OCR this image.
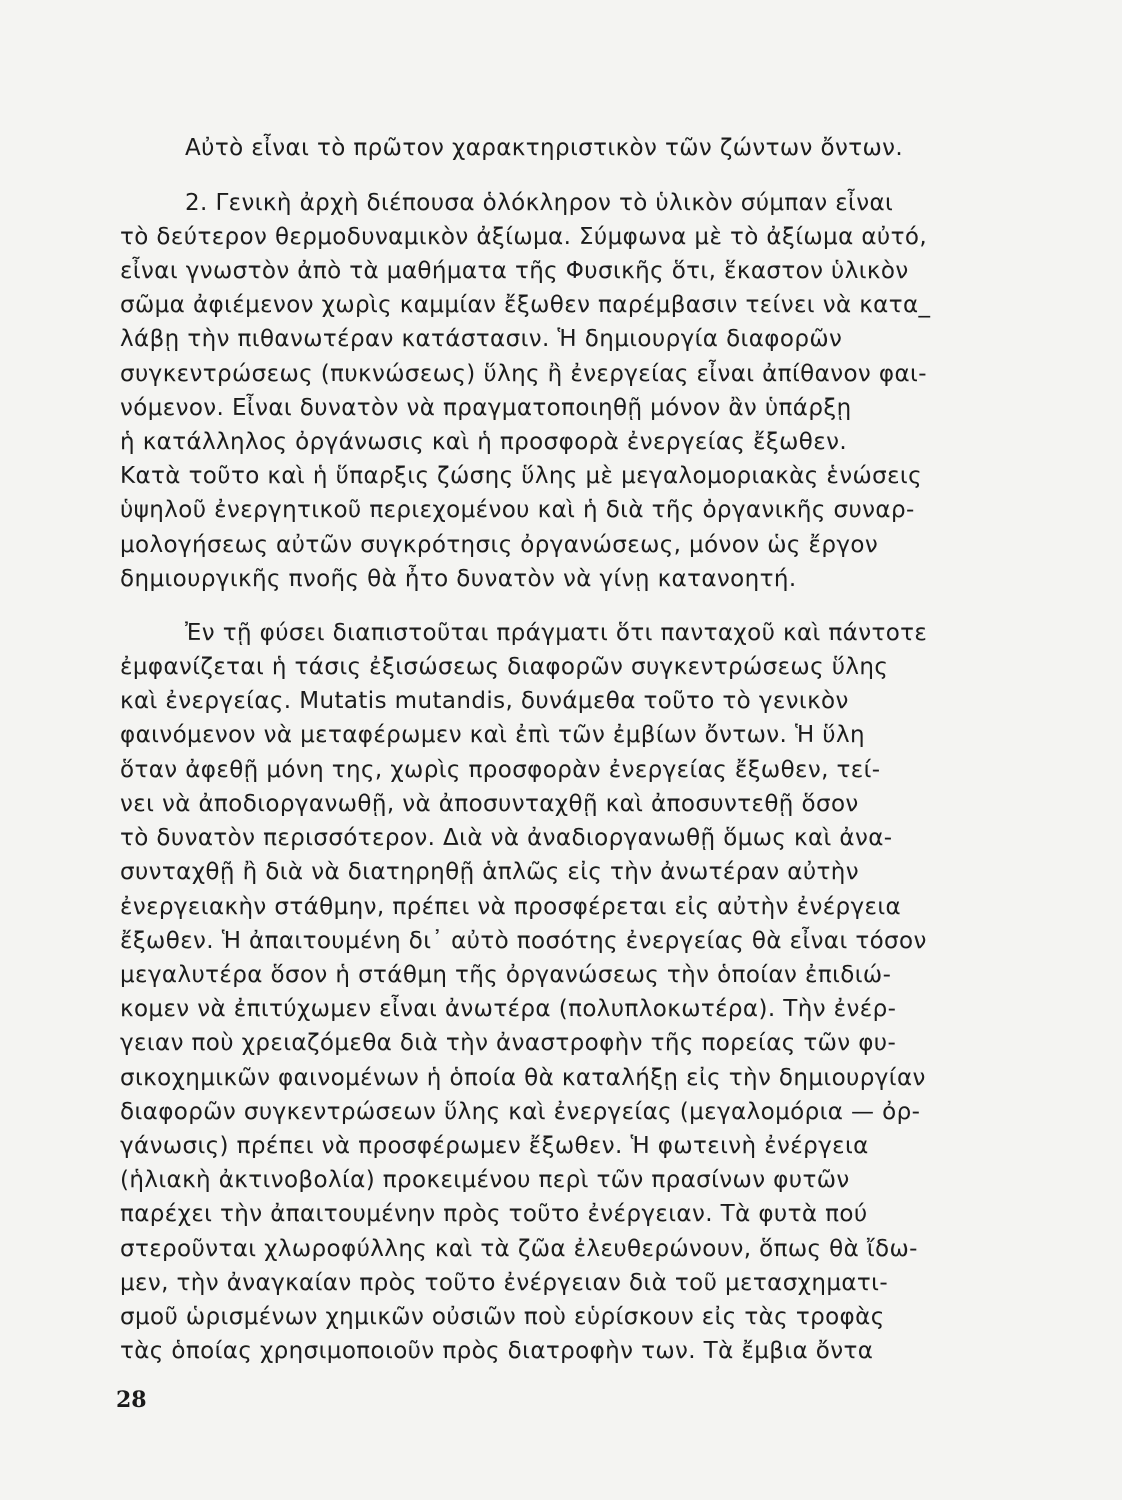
Αὐτὸ εἶναι τὸ πρῶτον χαρακτηριστικὸν τῶν ζώντων ὄντων.
2. Γενικὴ ἀρχὴ διέπουσα ὁλόκληρον τὸ ὑλικὸν σύμπαν εἶναι
τὸ δεύτερον θερμοδυναμικὸν ἀξίωμα. Σύμφωνα μὲ τὸ ἀξίωμα αὐτό,
εἶναι γνωστὸν ἀπὸ τὰ μαθήματα τῆς Φυσικῆς ὅτι, ἕκαστον ὑλικὸν
σῶμα ἀφιέμενον χωρὶς καμμίαν ἔξωθεν παρέμβασιν τείνει νὰ κατα_
λάβῃ τὴν πιθανωτέραν κατάστασιν. Ἡ δημιουργία διαφορῶν
συγκεντρώσεως (πυκνώσεως) ὕλης ἢ ἐνεργείας εἶναι ἀπίθανον φαι-
νόμενον. Εἶναι δυνατὸν νὰ πραγματοποιηθῇ μόνον ἂν ὑπάρξῃ
ἡ κατάλληλος ὀργάνωσις καὶ ἡ προσφορὰ ἐνεργείας ἔξωθεν.
Κατὰ τοῦτο καὶ ἡ ὕπαρξις ζώσης ὕλης μὲ μεγαλομοριακὰς ἑνώσεις
ὑψηλοῦ ἐνεργητικοῦ περιεχομένου καὶ ἡ διὰ τῆς ὀργανικῆς συναρ-
μολογήσεως αὐτῶν συγκρότησις ὀργανώσεως, μόνον ὡς ἔργον
δημιουργικῆς πνοῆς θὰ ἦτο δυνατὸν νὰ γίνῃ κατανοητή.
Ἐν τῇ φύσει διαπιστοῦται πράγματι ὅτι πανταχοῦ καὶ πάντοτε
ἐμφανίζεται ἡ τάσις ἐξισώσεως διαφορῶν συγκεντρώσεως ὕλης
καὶ ἐνεργείας. Mutatis mutandis, δυνάμεθα τοῦτο τὸ γενικὸν
φαινόμενον νὰ μεταφέρωμεν καὶ ἐπὶ τῶν ἐμβίων ὄντων. Ἡ ὕλη
ὅταν ἀφεθῇ μόνη της, χωρὶς προσφορὰν ἐνεργείας ἔξωθεν, τεί-
νει νὰ ἀποδιοργανωθῇ, νὰ ἀποσυνταχθῇ καὶ ἀποσυντεθῇ ὅσον
τὸ δυνατὸν περισσότερον. Διὰ νὰ ἀναδιοργανωθῇ ὅμως καὶ ἀνα-
συνταχθῇ ἢ διὰ νὰ διατηρηθῇ ἁπλῶς εἰς τὴν ἀνωτέραν αὐτὴν
ἐνεργειακὴν στάθμην, πρέπει νὰ προσφέρεται εἰς αὐτὴν ἐνέργεια
ἔξωθεν. Ἡ ἀπαιτουμένη δι᾽ αὐτὸ ποσότης ἐνεργείας θὰ εἶναι τόσον
μεγαλυτέρα ὅσον ἡ στάθμη τῆς ὀργανώσεως τὴν ὁποίαν ἐπιδιώ-
κομεν νὰ ἐπιτύχωμεν εἶναι ἀνωτέρα (πολυπλοκωτέρα). Τὴν ἐνέρ-
γειαν ποὺ χρειαζόμεθα διὰ τὴν ἀναστροφὴν τῆς πορείας τῶν φυ-
σικοχημικῶν φαινομένων ἡ ὁποία θὰ καταλήξῃ εἰς τὴν δημιουργίαν
διαφορῶν συγκεντρώσεων ὕλης καὶ ἐνεργείας (μεγαλομόρια — ὀρ-
γάνωσις) πρέπει νὰ προσφέρωμεν ἔξωθεν. Ἡ φωτεινὴ ἐνέργεια
(ἡλιακὴ ἀκτινοβολία) προκειμένου περὶ τῶν πρασίνων φυτῶν
παρέχει τὴν ἀπαιτουμένην πρὸς τοῦτο ἐνέργειαν. Τὰ φυτὰ πού
στεροῦνται χλωροφύλλης καὶ τὰ ζῶα ἐλευθερώνουν, ὅπως θὰ ἴδω-
μεν, τὴν ἀναγκαίαν πρὸς τοῦτο ἐνέργειαν διὰ τοῦ μετασχηματι-
σμοῦ ὡρισμένων χημικῶν οὐσιῶν ποὺ εὑρίσκουν εἰς τὰς τροφὰς
τὰς ὁποίας χρησιμοποιοῦν πρὸς διατροφὴν των. Τὰ ἔμβια ὄντα
28
